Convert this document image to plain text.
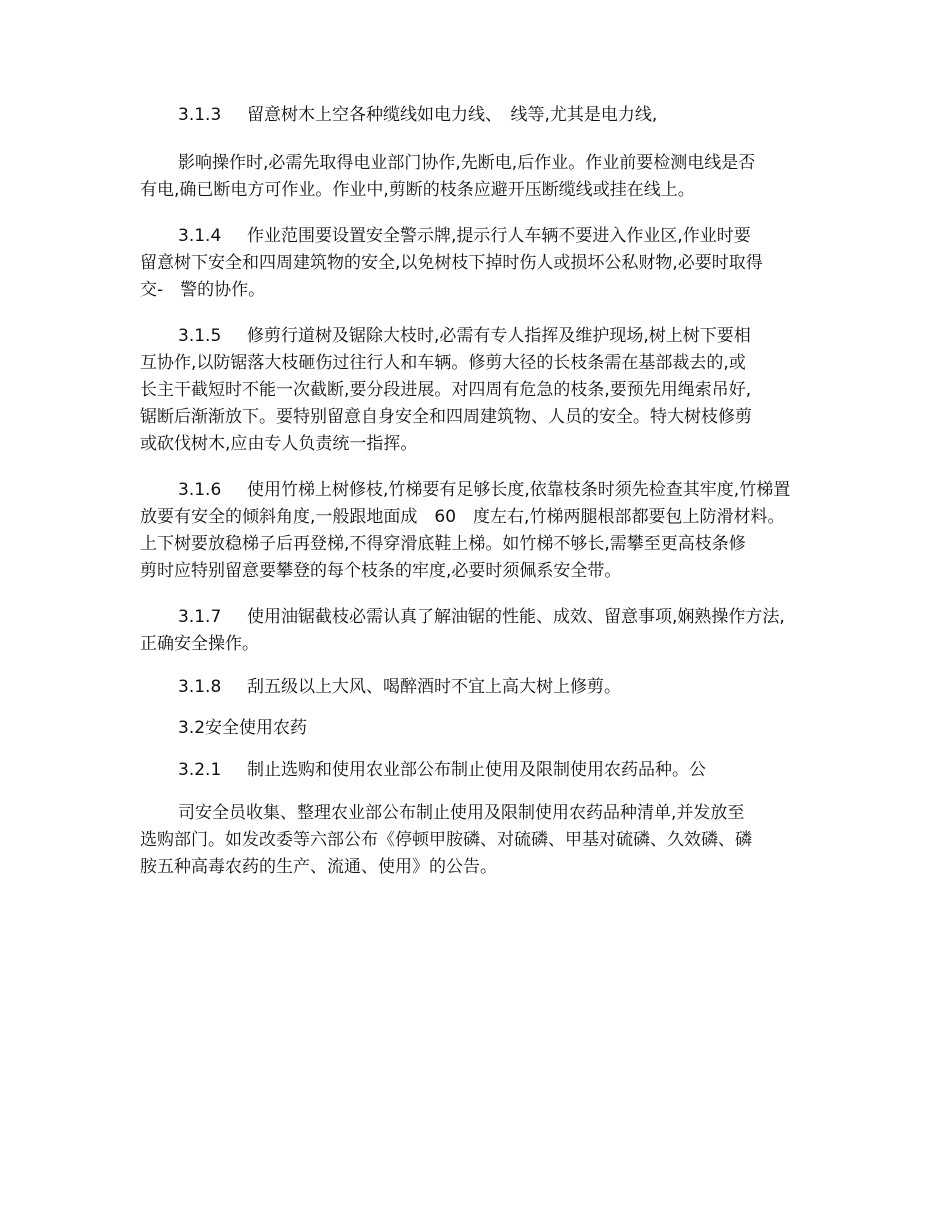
3.1.3 留意树木上空各种缆线如电力线、　线等,尤其是电力线,

影响操作时,必需先取得电业部门协作,先断电,后作业。作业前要检测电线是否
有电,确已断电方可作业。作业中,剪断的枝条应避开压断缆线或挂在线上。

3.1.4 作业范围要设置安全警示牌,提示行人车辆不要进入作业区,作业时要
留意树下安全和四周建筑物的安全,以免树枝下掉时伤人或损坏公私财物,必要时取得
交-　警的协作。

3.1.5 修剪行道树及锯除大枝时,必需有专人指挥及维护现场,树上树下要相
互协作,以防锯落大枝砸伤过往行人和车辆。修剪大径的长枝条需在基部裁去的,或
长主干截短时不能一次截断,要分段进展。对四周有危急的枝条,要预先用绳索吊好,
锯断后渐渐放下。要特别留意自身安全和四周建筑物、人员的安全。特大树枝修剪
或砍伐树木,应由专人负责统一指挥。

3.1.6 使用竹梯上树修枝,竹梯要有足够长度,依靠枝条时须先检查其牢度,竹梯置
放要有安全的倾斜角度,一般跟地面成　60　度左右,竹梯两腿根部都要包上防滑材料。
上下树要放稳梯子后再登梯,不得穿滑底鞋上梯。如竹梯不够长,需攀至更高枝条修
剪时应特别留意要攀登的每个枝条的牢度,必要时须佩系安全带。

3.1.7 使用油锯截枝必需认真了解油锯的性能、成效、留意事项,娴熟操作方法,
正确安全操作。

3.1.8 刮五级以上大风、喝醉酒时不宜上高大树上修剪。

3.2安全使用农药

3.2.1 制止选购和使用农业部公布制止使用及限制使用农药品种。公

司安全员收集、整理农业部公布制止使用及限制使用农药品种清单,并发放至
选购部门。如发改委等六部公布《停顿甲胺磷、对硫磷、甲基对硫磷、久效磷、磷
胺五种高毒农药的生产、流通、使用》的公告。
